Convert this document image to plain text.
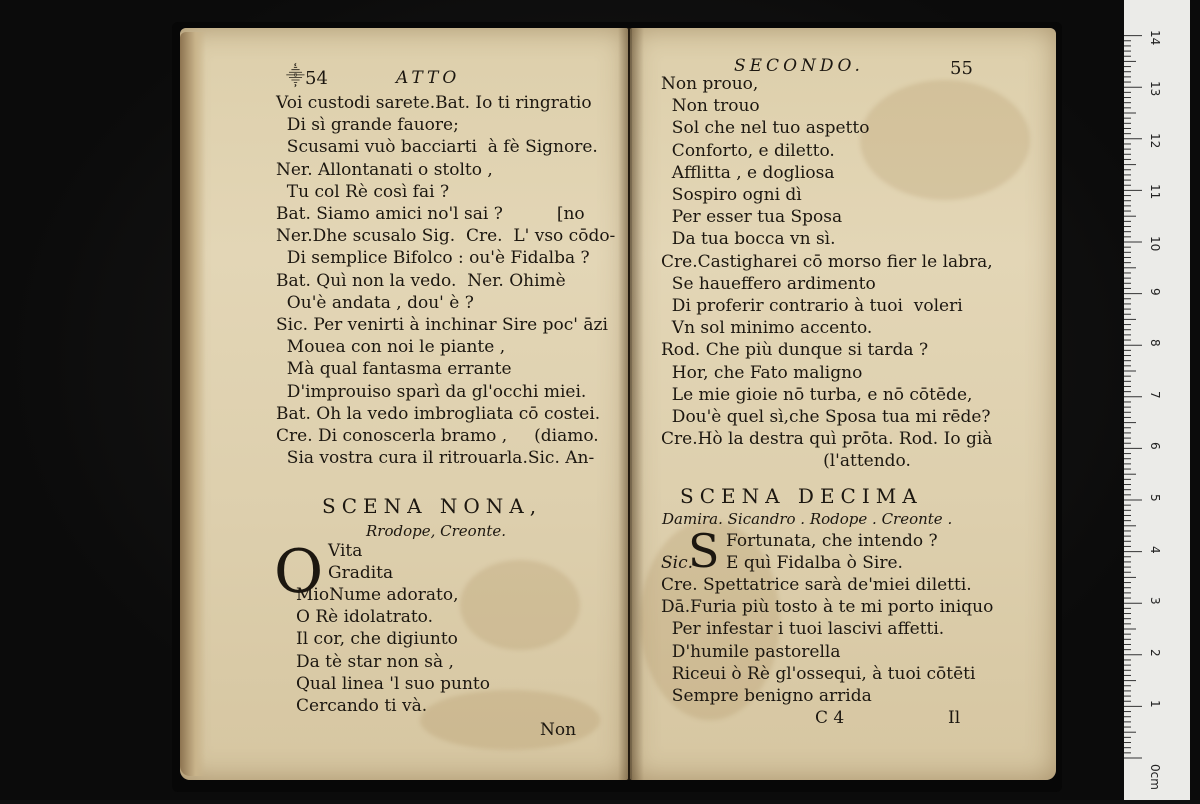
⸎ 54	ATTO
Voi custodi sarete.Bat. Io ti ringratio
Di sì grande fauore;
Scusami vuò bacciarti  à fè Signore.
Ner. Allontanati o stolto ,
Tu col Rè così fai ?
Bat. Siamo amici no'l sai ?          [no
Ner.Dhe scusalo Sig.  Cre.  L' vso cōdo-
Di semplice Bifolco : ou'è Fidalba ?
Bat. Quì non la vedo.  Ner. Ohimè
Ou'è andata , dou' è ?
Sic. Per venirti à inchinar Sire poc' āzi
Mouea con noi le piante ,
Mà qual fantasma errante
D'improuiso sparì da gl'occhi miei.
Bat. Oh la vedo imbrogliata cō costei.
Cre. Di conoscerla bramo ,     (diamo.
Sia vostra cura il ritrouarla.Sic. An-
SCENA NONA,
Rrodope, Creonte.
O Vita
Gradita
MioNume adorato,
O Rè idolatrato.
Il cor, che digiunto
Da tè star non sà ,
Qual linea 'l suo punto
Cercando ti và.
Non
SECONDO.	55
Non prouo,
Non trouo
Sol che nel tuo aspetto
Conforto, e diletto.
Afflitta , e dogliosa
Sospiro ogni dì
Per esser tua Sposa
Da tua bocca vn sì.
Cre.Castigharei cō morso fier le labra,
Se haueffero ardimento
Di proferir contrario à tuoi  voleri
Vn sol minimo accento.
Rod. Che più dunque si tarda ?
Hor, che Fato maligno
Le mie gioie nō turba, e nō cōtēde,
Dou'è quel sì,che Sposa tua mi rēde?
Cre.Hò la destra quì prōta. Rod. Io già
(l'attendo.
SCENA DECIMA
Damira. Sicandro . Rodope . Creonte .
S Fortunata, che intendo ?
E quì Fidalba ò Sire.
Sic.
Cre. Spettatrice sarà de'miei diletti.
Dā.Furia più tosto à te mi porto iniquo
Per infestar i tuoi lascivi affetti.
D'humile pastorella
Riceui ò Rè gl'ossequi, à tuoi cōtēti
Sempre benigno arrida
C 4	Il
0cm
1
2
3
4
5
6
7
8
9
10
11
12
13
14
